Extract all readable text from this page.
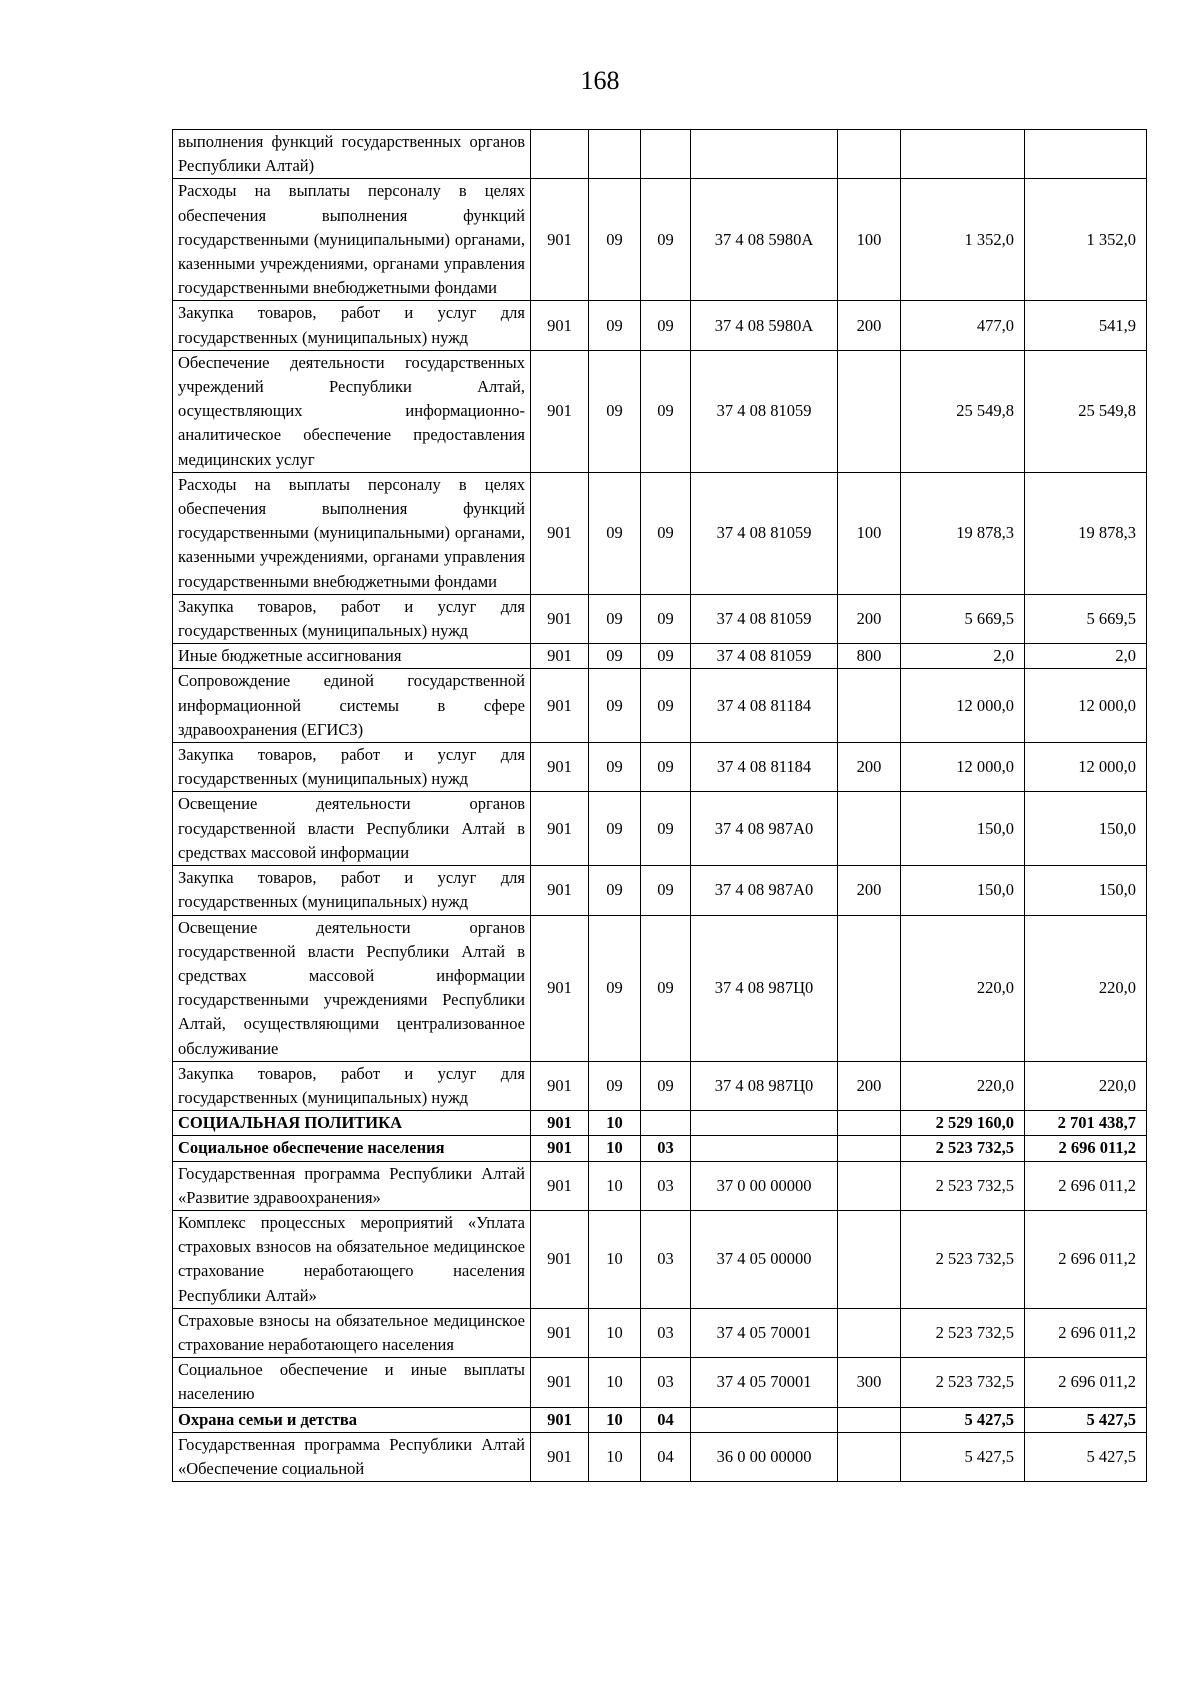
168
выполнения функций государственных органов Республики Алтай)							
Расходы на выплаты персоналу в целях обеспечения выполнения функций государственными (муниципальными) органами, казенными учреждениями, органами управления государственными внебюджетными фондами	901	09	09	37 4 08 5980А	100	1 352,0	1 352,0
Закупка товаров, работ и услуг для государственных (муниципальных) нужд	901	09	09	37 4 08 5980А	200	477,0	541,9
Обеспечение деятельности государственных учреждений Республики Алтай, осуществляющих информационно-аналитическое обеспечение предоставления медицинских услуг	901	09	09	37 4 08 81059		25 549,8	25 549,8
Расходы на выплаты персоналу в целях обеспечения выполнения функций государственными (муниципальными) органами, казенными учреждениями, органами управления государственными внебюджетными фондами	901	09	09	37 4 08 81059	100	19 878,3	19 878,3
Закупка товаров, работ и услуг для государственных (муниципальных) нужд	901	09	09	37 4 08 81059	200	5 669,5	5 669,5
Иные бюджетные ассигнования	901	09	09	37 4 08 81059	800	2,0	2,0
Сопровождение единой государственной информационной системы в сфере здравоохранения (ЕГИСЗ)	901	09	09	37 4 08 81184		12 000,0	12 000,0
Закупка товаров, работ и услуг для государственных (муниципальных) нужд	901	09	09	37 4 08 81184	200	12 000,0	12 000,0
Освещение деятельности органов государственной власти Республики Алтай в средствах массовой информации	901	09	09	37 4 08 987А0		150,0	150,0
Закупка товаров, работ и услуг для государственных (муниципальных) нужд	901	09	09	37 4 08 987А0	200	150,0	150,0
Освещение деятельности органов государственной власти Республики Алтай в средствах массовой информации государственными учреждениями Республики Алтай, осуществляющими централизованное обслуживание	901	09	09	37 4 08 987Ц0		220,0	220,0
Закупка товаров, работ и услуг для государственных (муниципальных) нужд	901	09	09	37 4 08 987Ц0	200	220,0	220,0
СОЦИАЛЬНАЯ ПОЛИТИКА	901	10				2 529 160,0	2 701 438,7
Социальное обеспечение населения	901	10	03			2 523 732,5	2 696 011,2
Государственная программа Республики Алтай «Развитие здравоохранения»	901	10	03	37 0 00 00000		2 523 732,5	2 696 011,2
Комплекс процессных мероприятий «Уплата страховых взносов на обязательное медицинское страхование неработающего населения Республики Алтай»	901	10	03	37 4 05 00000		2 523 732,5	2 696 011,2
Страховые взносы на обязательное медицинское страхование неработающего населения	901	10	03	37 4 05 70001		2 523 732,5	2 696 011,2
Социальное обеспечение и иные выплаты населению	901	10	03	37 4 05 70001	300	2 523 732,5	2 696 011,2
Охрана семьи и детства	901	10	04			5 427,5	5 427,5
Государственная программа Республики Алтай «Обеспечение социальной	901	10	04	36 0 00 00000		5 427,5	5 427,5
